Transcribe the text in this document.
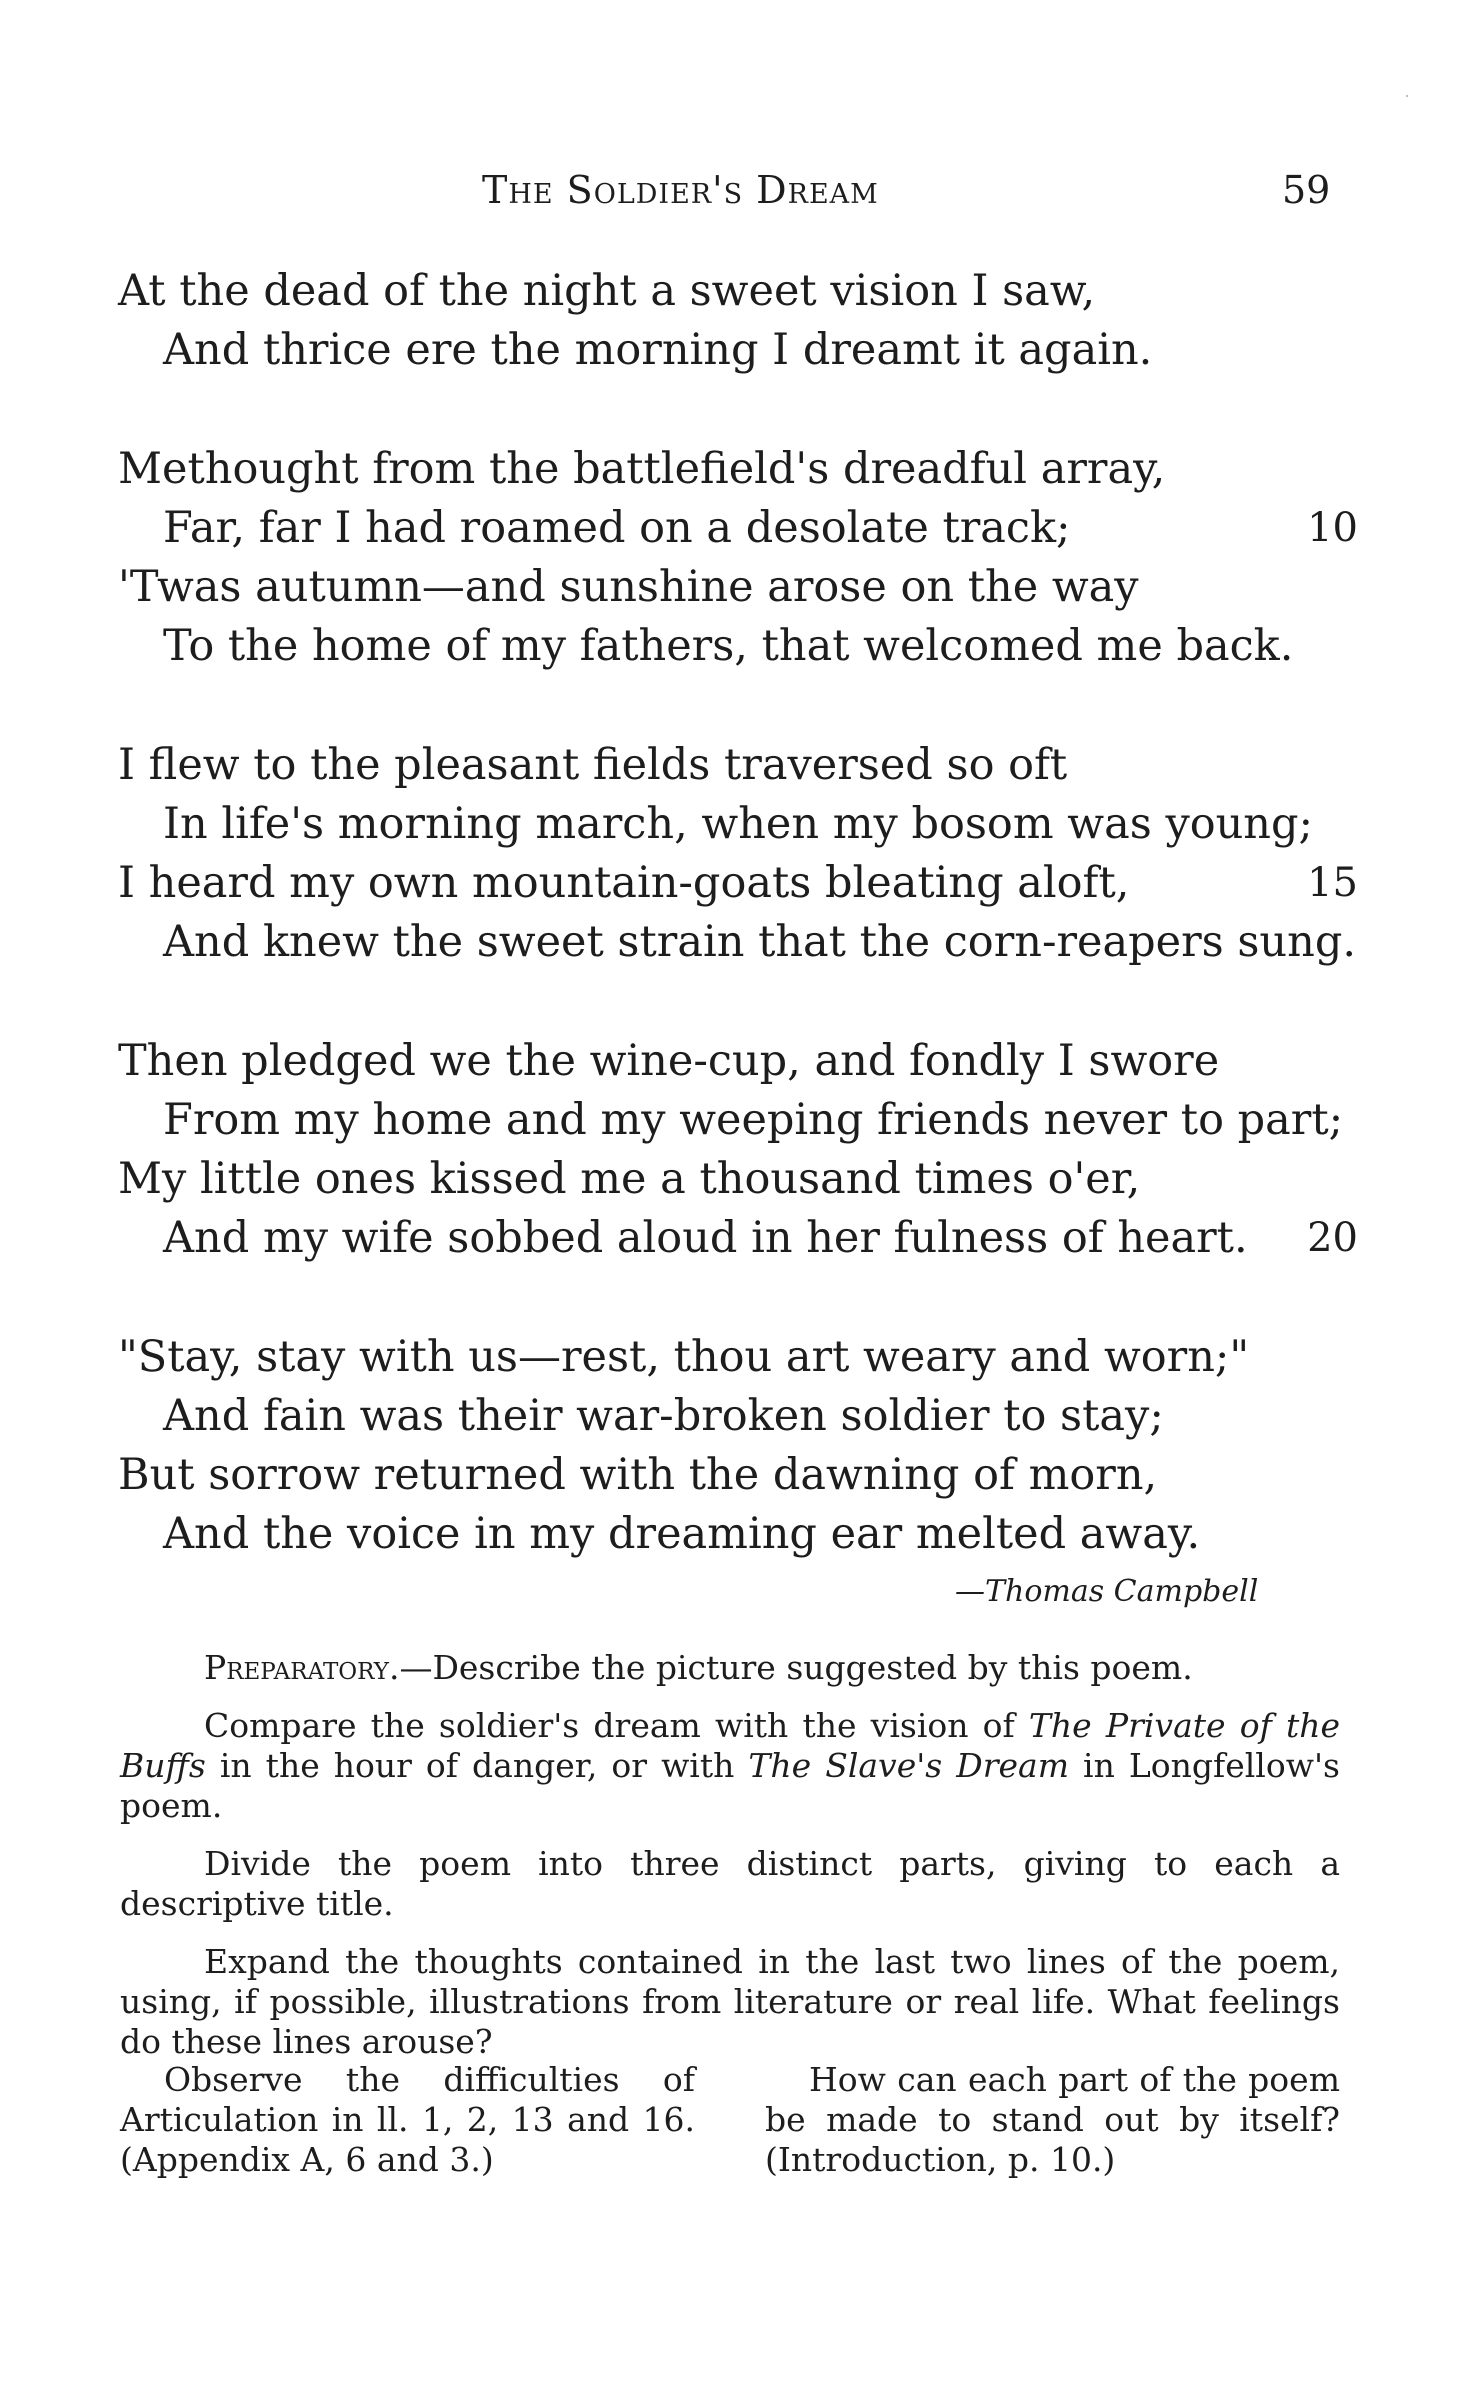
The Soldier's Dream	59
At the dead of the night a sweet vision I saw,
And thrice ere the morning I dreamt it again.
Methought from the battlefield's dreadful array,
Far, far I had roamed on a desolate track;	10
'Twas autumn—and sunshine arose on the way
To the home of my fathers, that welcomed me back.
I flew to the pleasant fields traversed so oft
In life's morning march, when my bosom was young;
I heard my own mountain-goats bleating aloft,	15
And knew the sweet strain that the corn-reapers sung.
Then pledged we the wine-cup, and fondly I swore
From my home and my weeping friends never to part;
My little ones kissed me a thousand times o'er,
And my wife sobbed aloud in her fulness of heart. 20
"Stay, stay with us—rest, thou art weary and worn;"
And fain was their war-broken soldier to stay;
But sorrow returned with the dawning of morn,
And the voice in my dreaming ear melted away.
—Thomas Campbell

Preparatory.—Describe the picture suggested by this poem.

Compare the soldier's dream with the vision of The Private of the Buffs in the hour of danger, or with The Slave's Dream in Longfellow's poem.

Divide the poem into three distinct parts, giving to each a descriptive title.

Expand the thoughts contained in the last two lines of the poem, using, if possible, illustrations from literature or real life. What feelings do these lines arouse?

Observe the difficulties of Articulation in ll. 1, 2, 13 and 16. (Appendix A, 6 and 3.)
How can each part of the poem be made to stand out by itself? (Introduction, p. 10.)
